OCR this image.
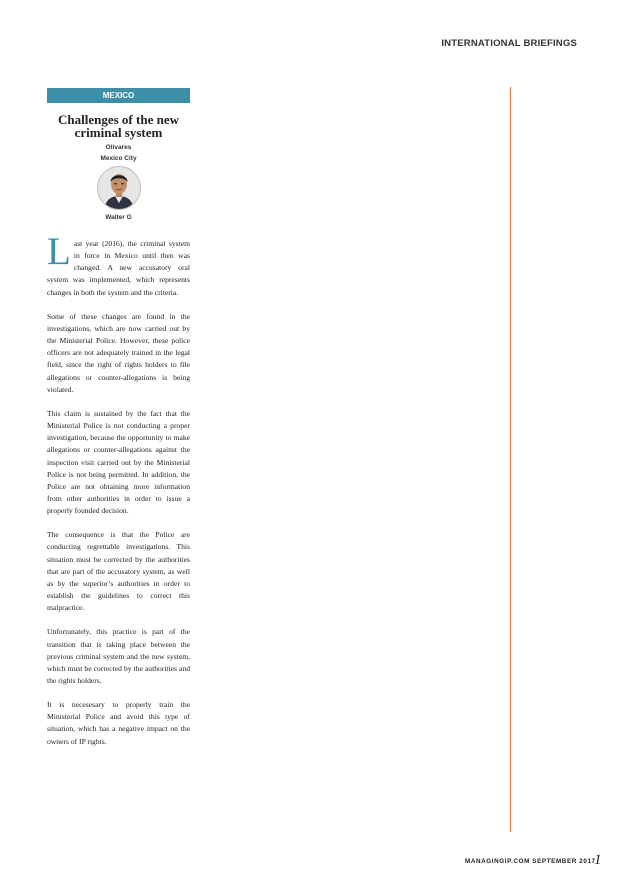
INTERNATIONAL BRIEFINGS
MEXICO
Challenges of the new criminal system
Olivares
Mexico City
Walter G

Last year (2016), the criminal system in force in Mexico until then was changed. A new accusatory oral system was implemented, which represents changes in both the system and the criteria.

Some of these changes are found in the investigations, which are now carried out by the Ministerial Police. However, these police officers are not adequately trained in the legal field, since the right of rights holders to file allegations or counter-allegations is being violated.

This claim is sustained by the fact that the Ministerial Police is not conducting a proper investigation, because the opportunity to make allegations or counter-allegations against the inspection visit carried out by the Ministerial Police is not being permitted. In addition, the Police are not obtaining more information from other authorities in order to issue a properly founded decision.

The consequence is that the Police are conducting regrettable investigations. This situation must be corrected by the authorities that are part of the accusatory system, as well as by the superior’s authorities in order to establish the guidelines to correct this malpractice.

Unfortunately, this practice is part of the transition that is taking place between the previous criminal system and the new system, which must be corrected by the authorities and the rights holders.

It is necesesary to properly train the Ministerial Police and avoid this type of situation, which has a negative impact on the owners of IP rights.

MANAGINGIP.COM SEPTEMBER 2017
1
